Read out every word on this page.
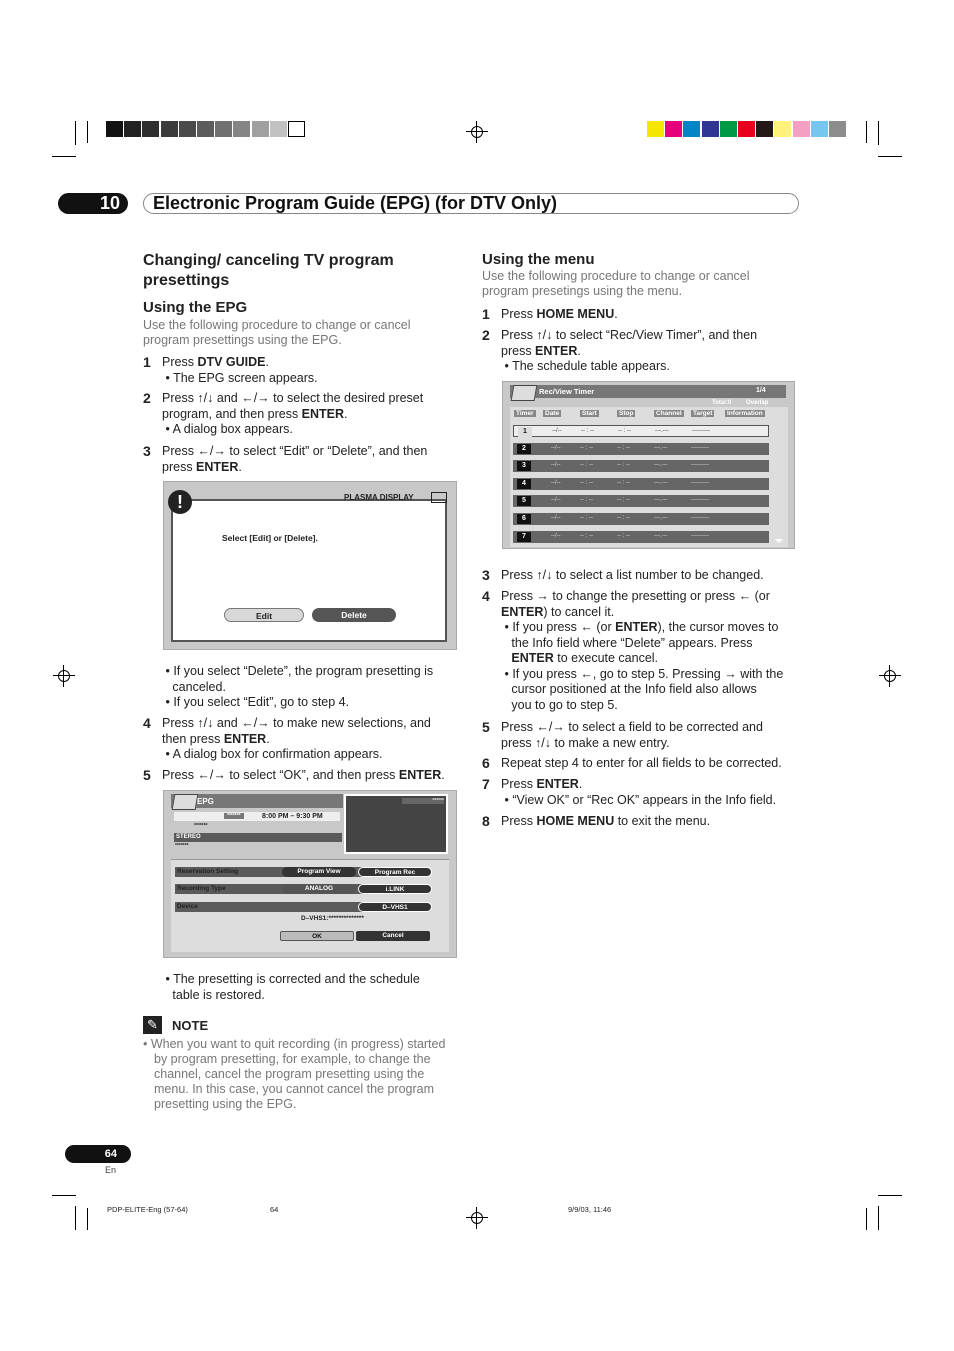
10	Electronic Program Guide (EPG) (for DTV Only)
Changing/ canceling TV program
presettings
Using the EPG
Use the following procedure to change or cancel
program presettings using the EPG.
1 Press DTV GUIDE.
• The EPG screen appears.
2 Press ↑/↓ and ←/→ to select the desired preset
program, and then press ENTER.
• A dialog box appears.
3 Press ←/→ to select “Edit” or “Delete”, and then
press ENTER.
!	PLASMA DISPLAY
Select [Edit] or [Delete].
Edit	Delete
• If you select “Delete”, the program presetting is
canceled.
• If you select “Edit”, go to step 4.
4 Press ↑/↓ and ←/→ to make new selections, and
then press ENTER.
• A dialog box for confirmation appears.
5 Press ←/→ to select “OK”, and then press ENTER.
EPG	******
*******	8:00 PM – 9:30 PM
*******
STEREO
*******
Reservation Setting	Program View	Program Rec
Recording Type	ANALOG	i.LINK
Device	D–VHS1
D–VHS1:**************
OK	Cancel
• The presetting is corrected and the schedule
table is restored.
✎	NOTE
• When you want to quit recording (in progress) started
by program presetting, for example, to change the
channel, cancel the program presetting using the
menu. In this case, you cannot cancel the program
presetting using the EPG.
Using the menu
Use the following procedure to change or cancel
program presetings using the menu.
1 Press HOME MENU.
2 Press ↑/↓ to select “Rec/View Timer”, and then
press ENTER.
• The schedule table appears.
Rec/View Timer	1/4
Total:0 Overlap
Timer	Date	Start	Stop	Channel	Target	Information
1	--/--	-- : --	-- : --	---.---	---------
2	--/--	-- : --	-- : --	---.---	---------
3	--/--	-- : --	-- : --	---.---	---------
4	--/--	-- : --	-- : --	---.---	---------
5	--/--	-- : --	-- : --	---.---	---------
6	--/--	-- : --	-- : --	---.---	---------
7	--/--	-- : --	-- : --	---.---	---------
3 Press ↑/↓ to select a list number to be changed.
4 Press → to change the presetting or press ← (or
ENTER) to cancel it.
• If you press ← (or ENTER), the cursor moves to
the Info field where “Delete” appears. Press
ENTER to execute cancel.
• If you press ←, go to step 5. Pressing → with the
cursor positioned at the Info field also allows
you to go to step 5.
5 Press ←/→ to select a field to be corrected and
press ↑/↓ to make a new entry.
6 Repeat step 4 to enter for all fields to be corrected.
7 Press ENTER.
• “View OK” or “Rec OK” appears in the Info field.
8 Press HOME MENU to exit the menu.
64
En
PDP-ELITE-Eng (57-64)	64	9/9/03, 11:46
